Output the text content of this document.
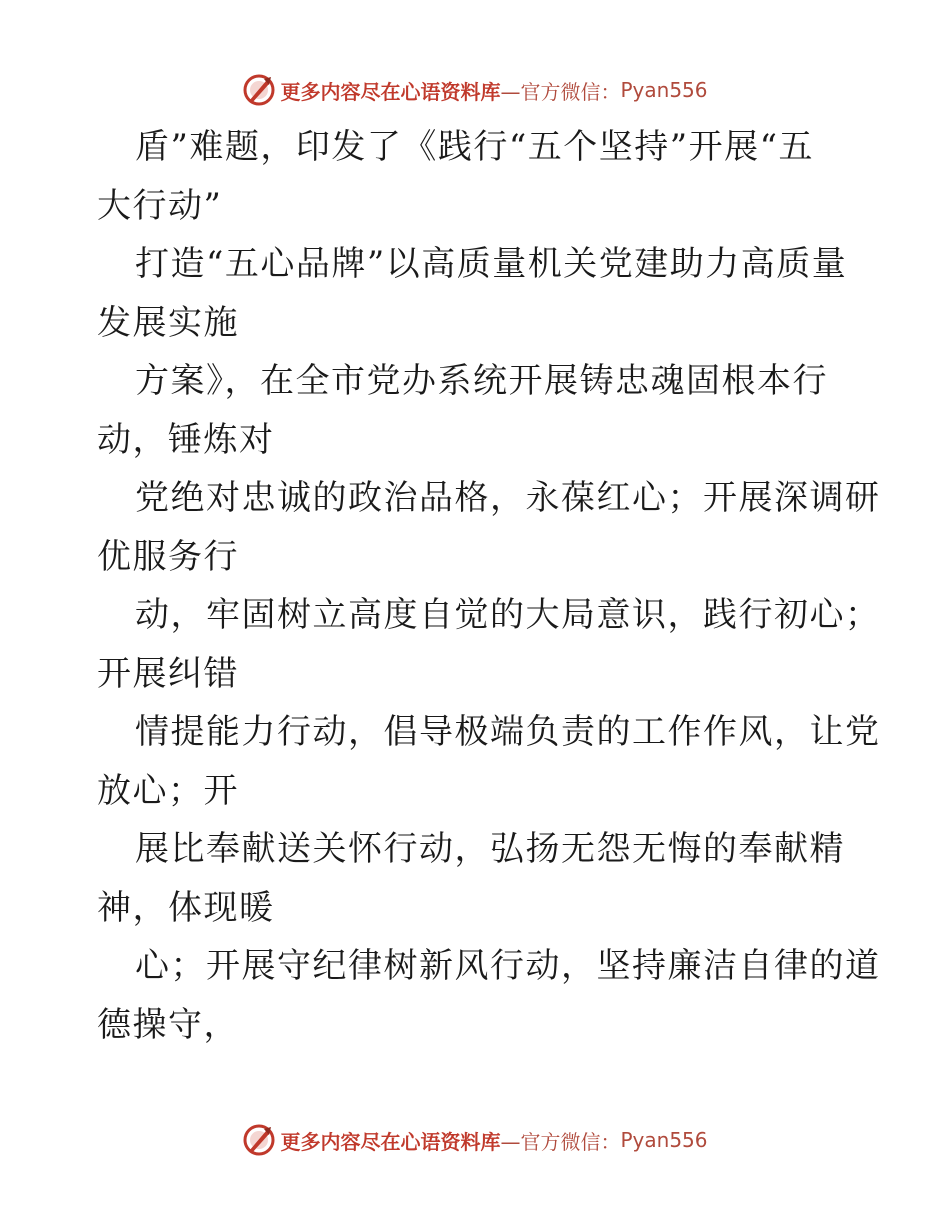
更多内容尽在心语资料库 —官方微信： Pyan556
盾”难题，印发了《践行“五个坚持”开展“五
大行动”
打造“五心品牌”以高质量机关党建助力高质量
发展实施
方案》，在全市党办系统开展铸忠魂固根本行
动，锤炼对
党绝对忠诚的政治品格，永葆红心；开展深调研
优服务行
动，牢固树立高度自觉的大局意识，践行初心；
开展纠错
情提能力行动，倡导极端负责的工作作风，让党
放心；开
展比奉献送关怀行动，弘扬无怨无悔的奉献精
神，体现暖
心；开展守纪律树新风行动，坚持廉洁自律的道
德操守，
更多内容尽在心语资料库 —官方微信： Pyan556
